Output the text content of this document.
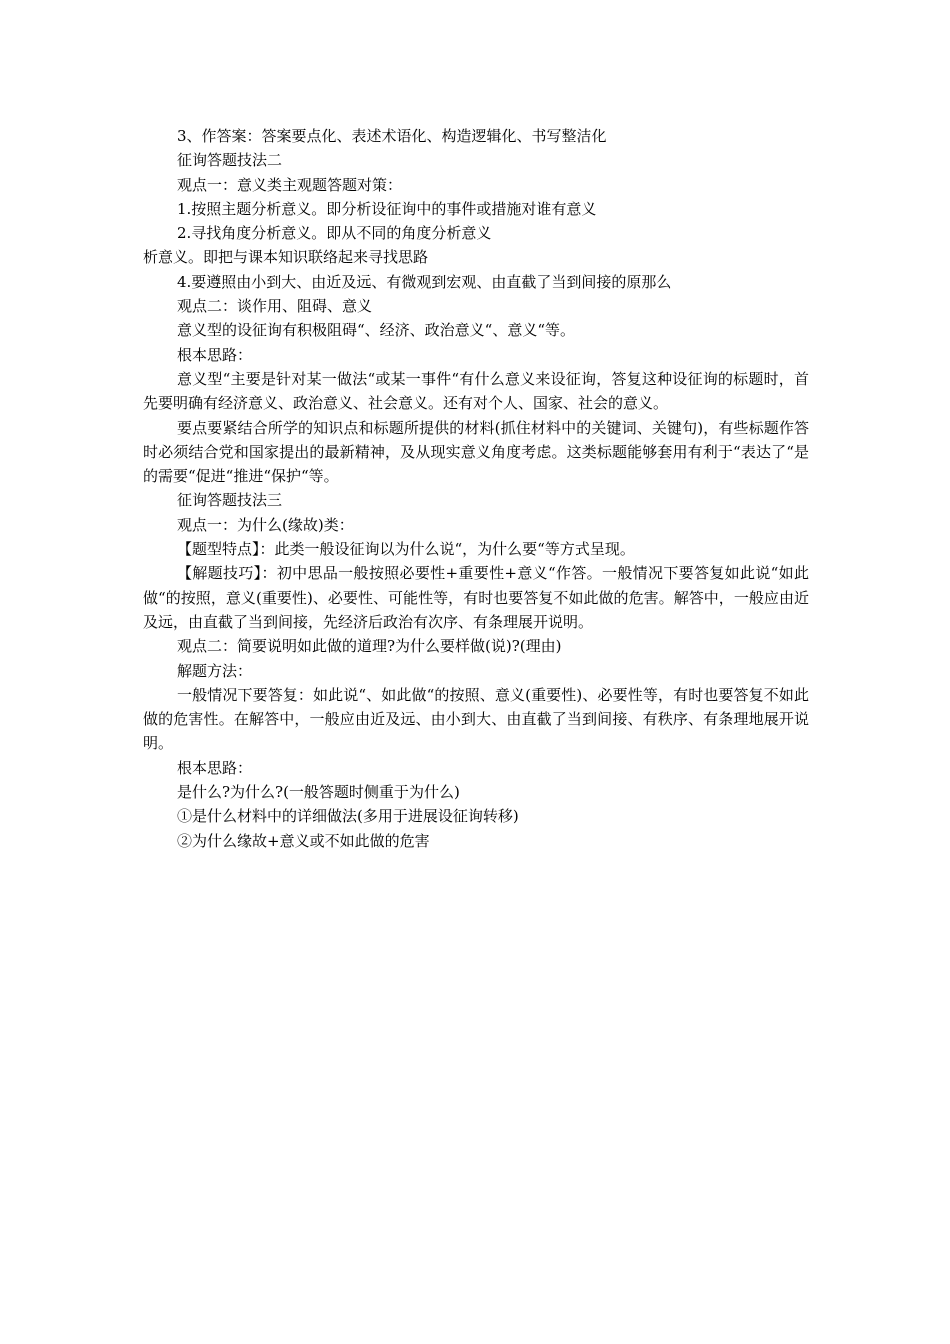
3、作答案：答案要点化、表述术语化、构造逻辑化、书写整洁化

征询答题技法二

观点一：意义类主观题答题对策：

1.按照主题分析意义。即分析设征询中的事件或措施对谁有意义

2.寻找角度分析意义。即从不同的角度分析意义

析意义。即把与课本知识联络起来寻找思路

4.要遵照由小到大、由近及远、有微观到宏观、由直截了当到间接的原那么

观点二：谈作用、阻碍、意义

意义型的设征询有积极阻碍“、经济、政治意义“、意义“等。

根本思路：

意义型“主要是针对某一做法“或某一事件“有什么意义来设征询，答复这种设征询的标题时，首先要明确有经济意义、政治意义、社会意义。还有对个人、国家、社会的意义。

要点要紧结合所学的知识点和标题所提供的材料(抓住材料中的关键词、关键句)，有些标题作答时必须结合党和国家提出的最新精神，及从现实意义角度考虑。这类标题能够套用有利于“表达了“是的需要“促进“推进“保护“等。

征询答题技法三

观点一：为什么(缘故)类：

【题型特点】：此类一般设征询以为什么说“，为什么要“等方式呈现。

【解题技巧】：初中思品一般按照必要性+重要性+意义“作答。一般情况下要答复如此说“如此做“的按照，意义(重要性)、必要性、可能性等，有时也要答复不如此做的危害。解答中，一般应由近及远，由直截了当到间接，先经济后政治有次序、有条理展开说明。

观点二：简要说明如此做的道理?为什么要样做(说)?(理由)

解题方法：

一般情况下要答复：如此说“、如此做“的按照、意义(重要性)、必要性等，有时也要答复不如此做的危害性。在解答中，一般应由近及远、由小到大、由直截了当到间接、有秩序、有条理地展开说明。

根本思路：

是什么?为什么?(一般答题时侧重于为什么)

①是什么材料中的详细做法(多用于进展设征询转移)

②为什么缘故+意义或不如此做的危害
